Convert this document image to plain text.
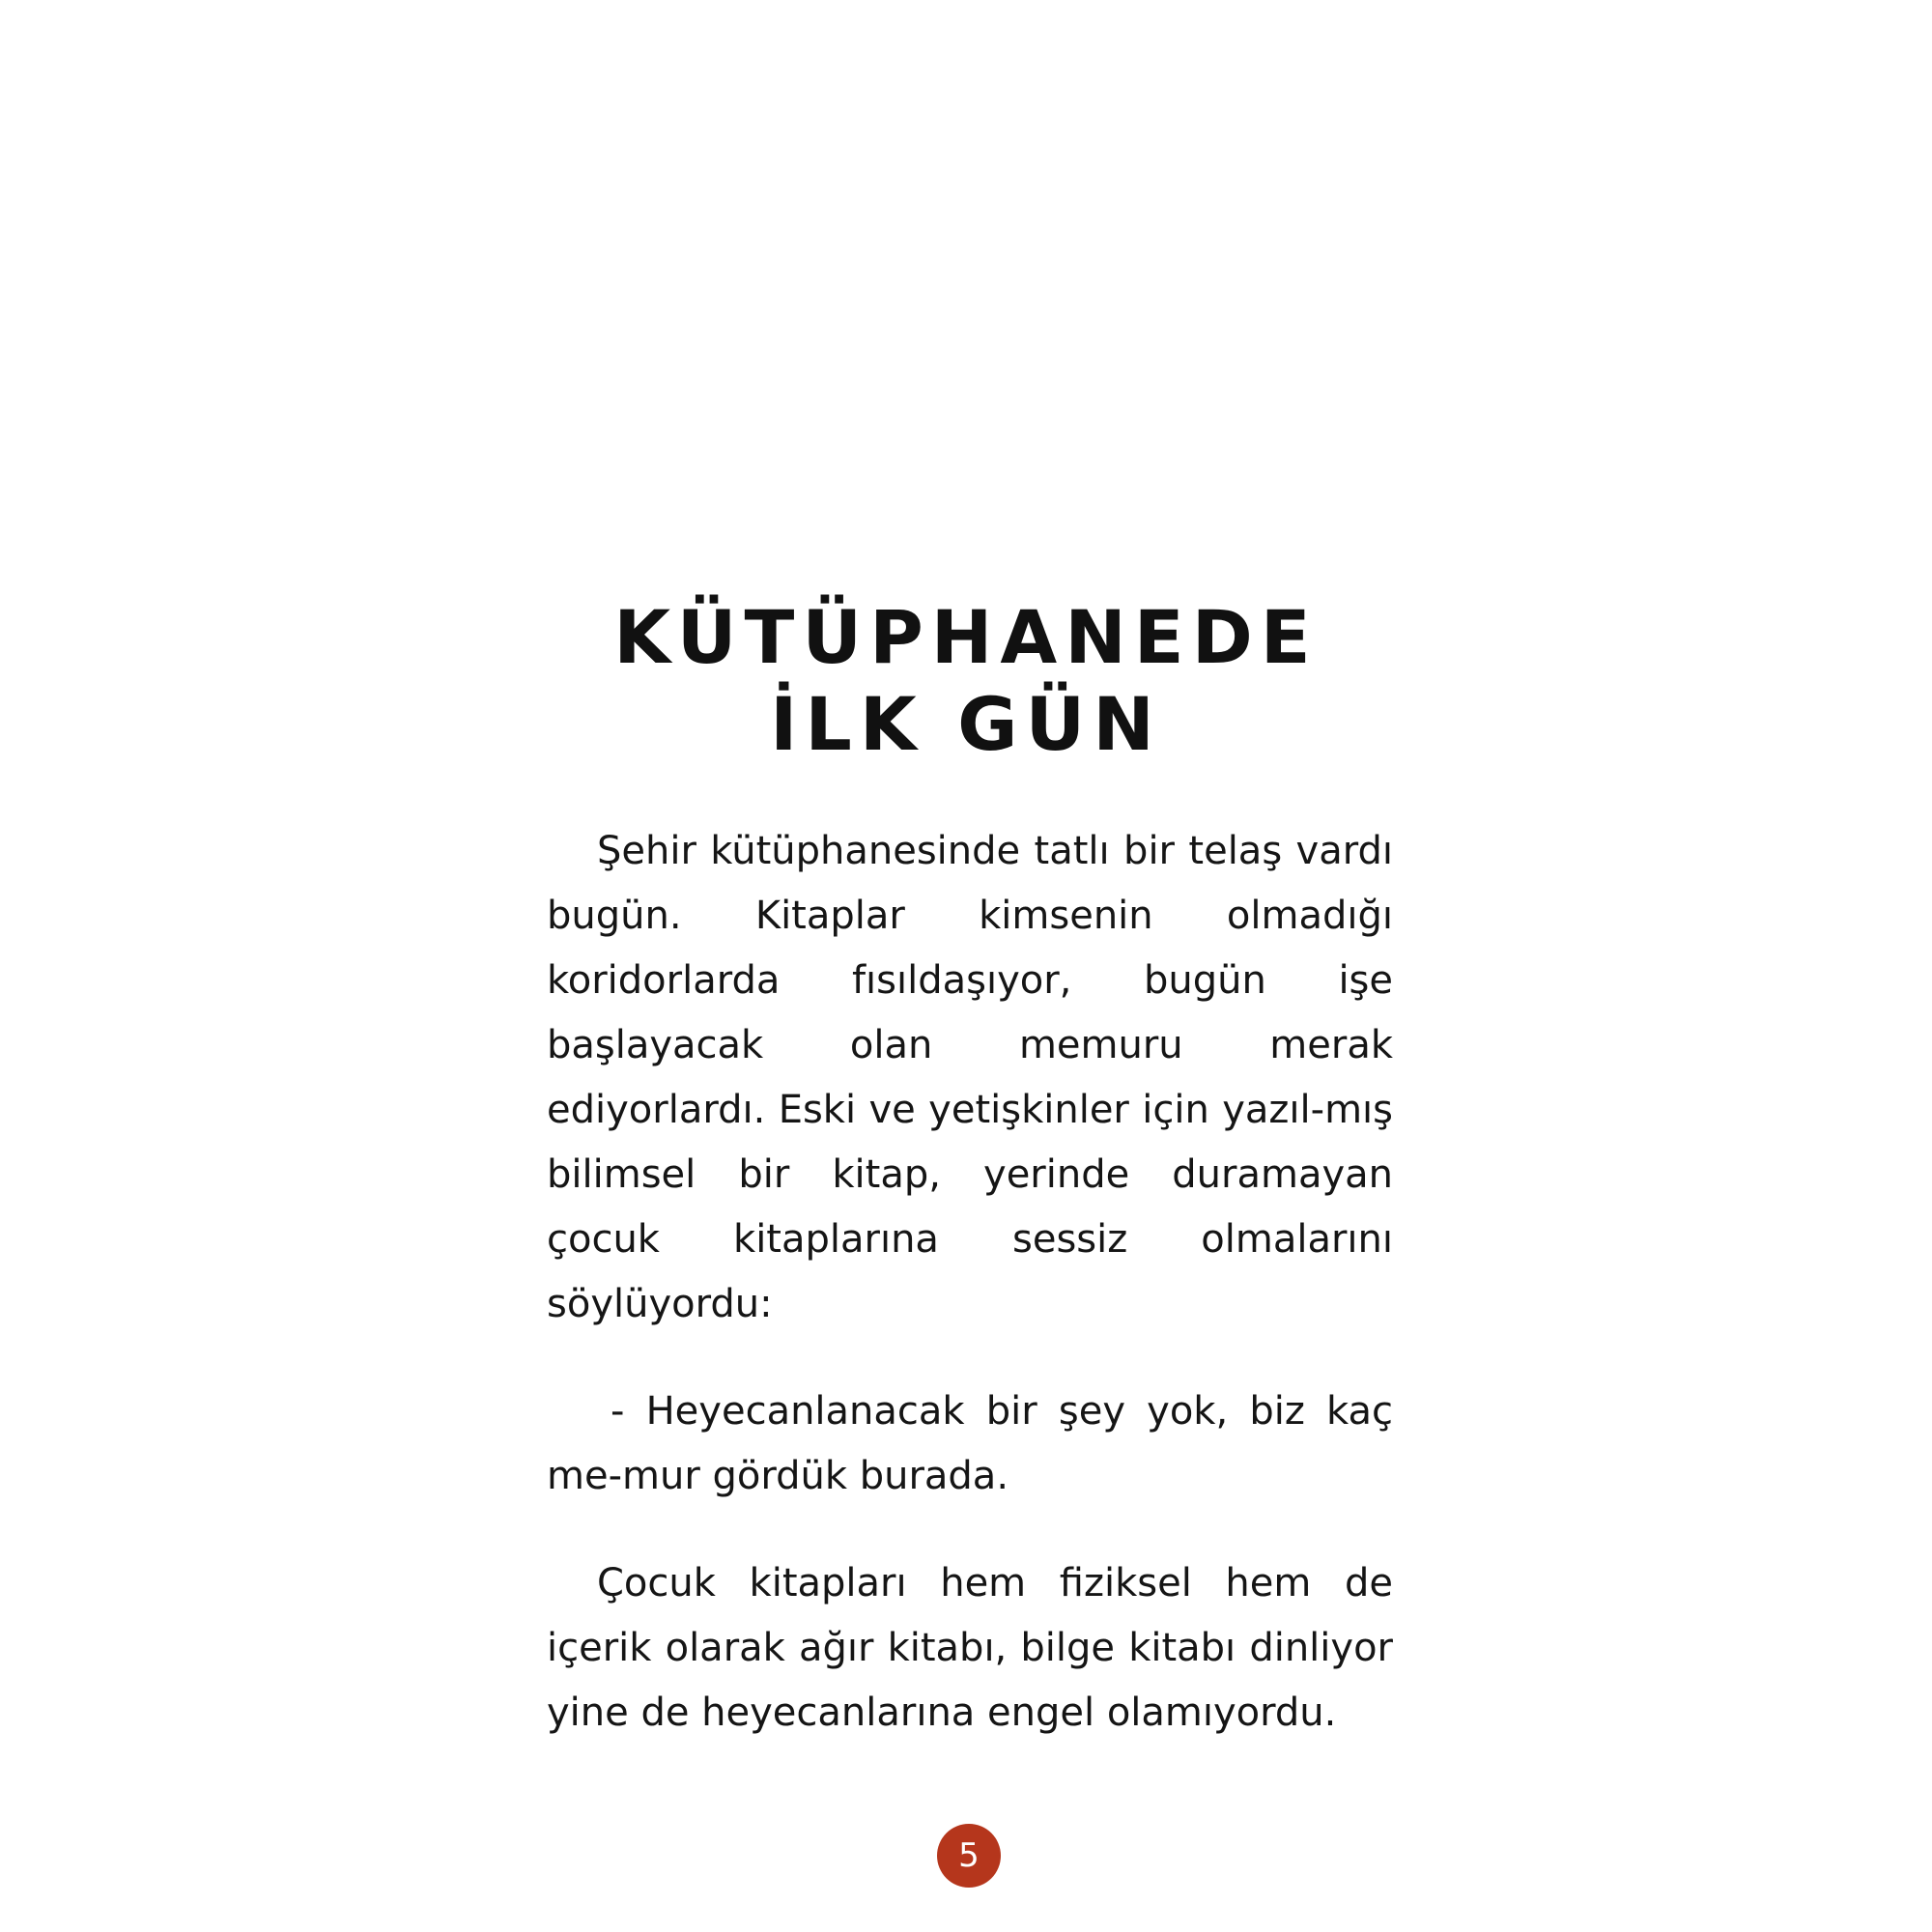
KÜTÜPHANEDE
İLK GÜN

Şehir kütüphanesinde tatlı bir telaş vardı bugün. Kitaplar kimsenin olmadığı koridorlarda fısıldaşıyor, bugün işe başlayacak olan memuru merak ediyorlardı. Eski ve yetişkinler için yazıl-mış bilimsel bir kitap, yerinde duramayan çocuk kitaplarına sessiz olmalarını söylüyordu:

- Heyecanlanacak bir şey yok, biz kaç me-mur gördük burada.

Çocuk kitapları hem fiziksel hem de içerik olarak ağır kitabı, bilge kitabı dinliyor yine de heyecanlarına engel olamıyordu.

5
